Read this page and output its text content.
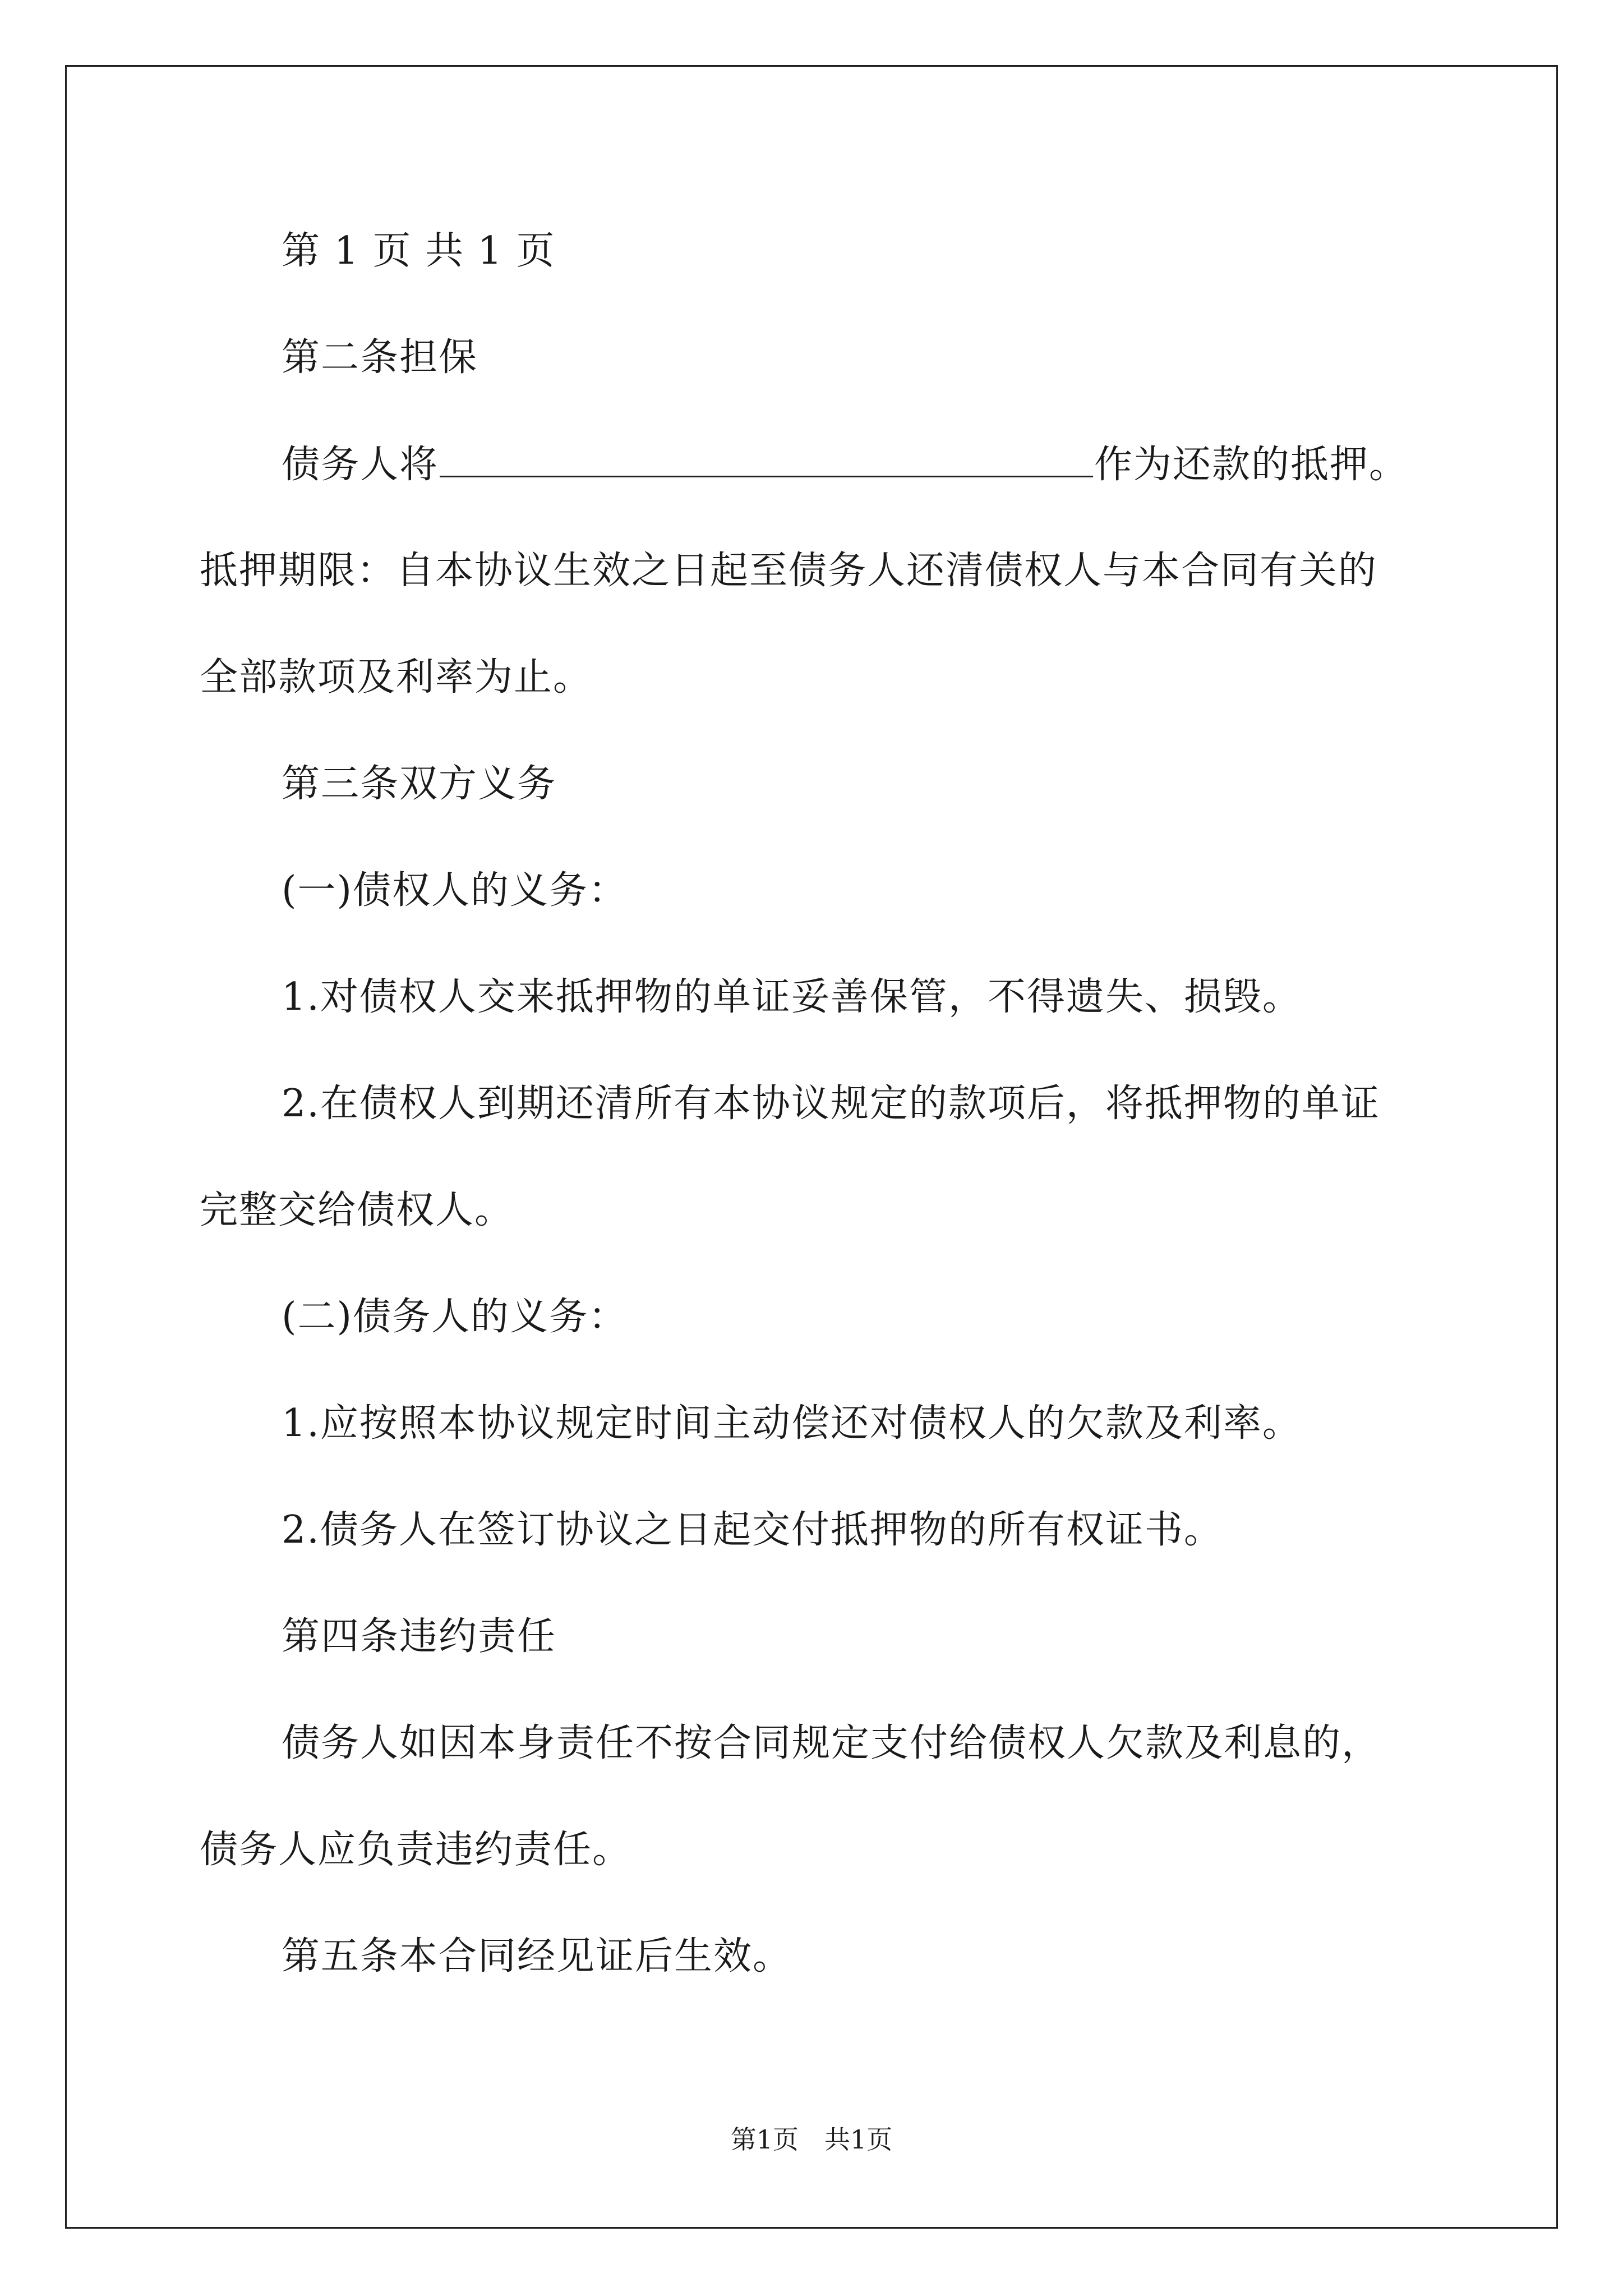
第 1 页 共 1 页
第二条担保
债务人将	作为还款的抵押。
抵押期限：自本协议生效之日起至债务人还清债权人与本合同有关的
全部款项及利率为止。
第三条双方义务
(一)债权人的义务：
1.对债权人交来抵押物的单证妥善保管，不得遗失、损毁。
2.在债权人到期还清所有本协议规定的款项后，将抵押物的单证
完整交给债权人。
(二)债务人的义务：
1.应按照本协议规定时间主动偿还对债权人的欠款及利率。
2.债务人在签订协议之日起交付抵押物的所有权证书。
第四条违约责任
债务人如因本身责任不按合同规定支付给债权人欠款及利息的，
债务人应负责违约责任。
第五条本合同经见证后生效。
第1页　共1页
